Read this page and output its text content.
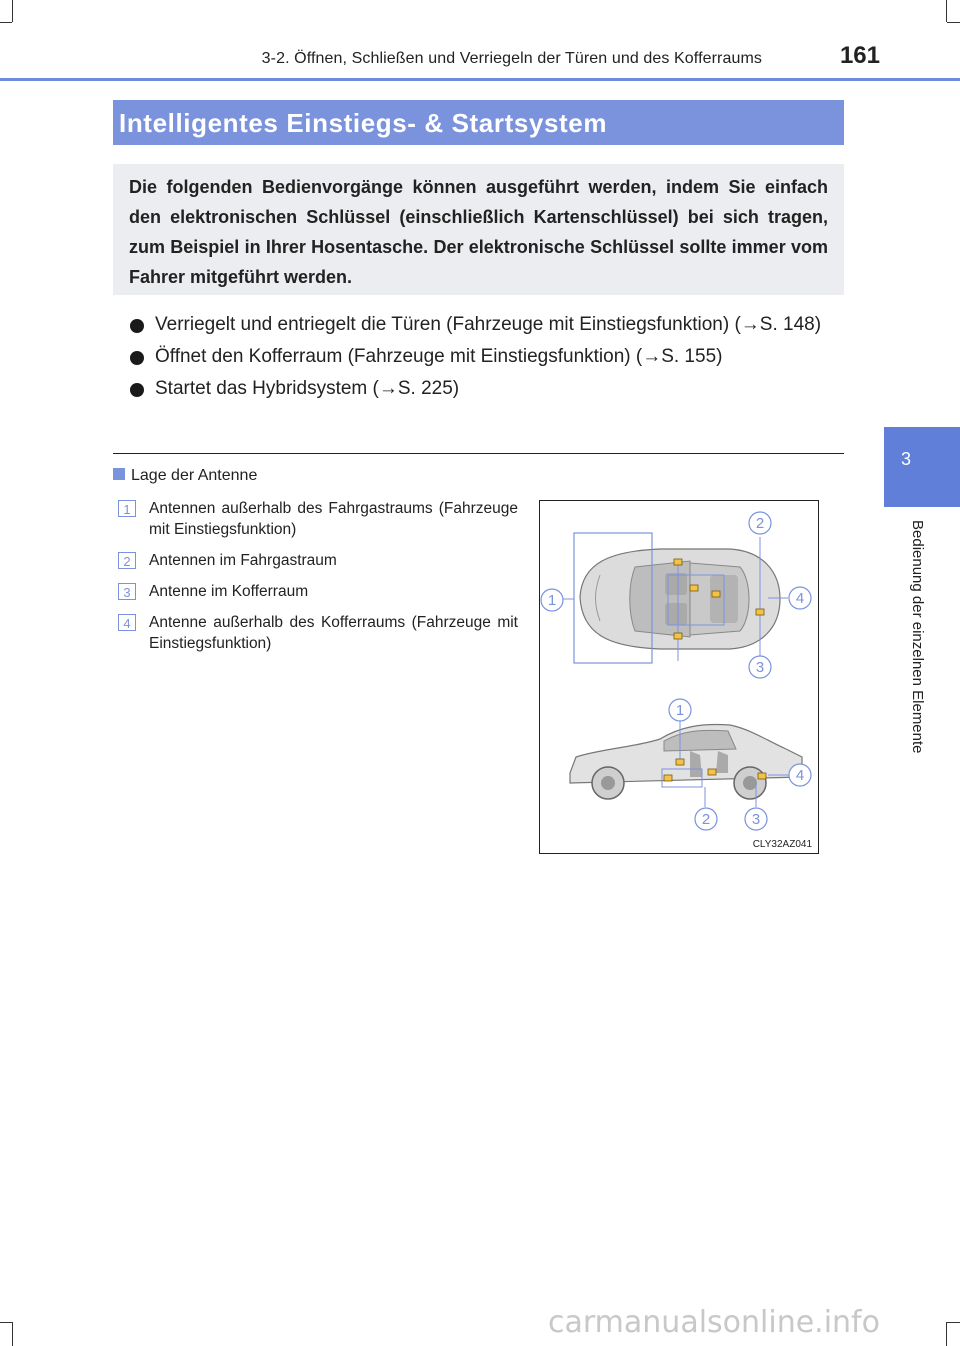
3-2. Öffnen, Schließen und Verriegeln der Türen und des Kofferraums	161
3
Bedienung der einzelnen Elemente
Intelligentes Einstiegs- & Startsystem
Die folgenden Bedienvorgänge können ausgeführt werden, indem Sie einfach den elektronischen Schlüssel (einschließlich Kartenschlüssel) bei sich tragen, zum Beispiel in Ihrer Hosentasche. Der elektronische Schlüssel sollte immer vom Fahrer mitgeführt werden.
Verriegelt und entriegelt die Türen (Fahrzeuge mit Einstiegsfunktion) (→S. 148)
Öffnet den Kofferraum (Fahrzeuge mit Einstiegsfunktion) (→S. 155)
Startet das Hybridsystem (→S. 225)
Lage der Antenne
1	Antennen außerhalb des Fahrgastraums (Fahrzeuge mit Einstiegsfunktion)
2	Antennen im Fahrgastraum
3	Antenne im Kofferraum
4	Antenne außerhalb des Kofferraums (Fahrzeuge mit Einstiegsfunktion)
1
2
3
4
1
2	3
4
CLY32AZ041
carmanualsonline.info
